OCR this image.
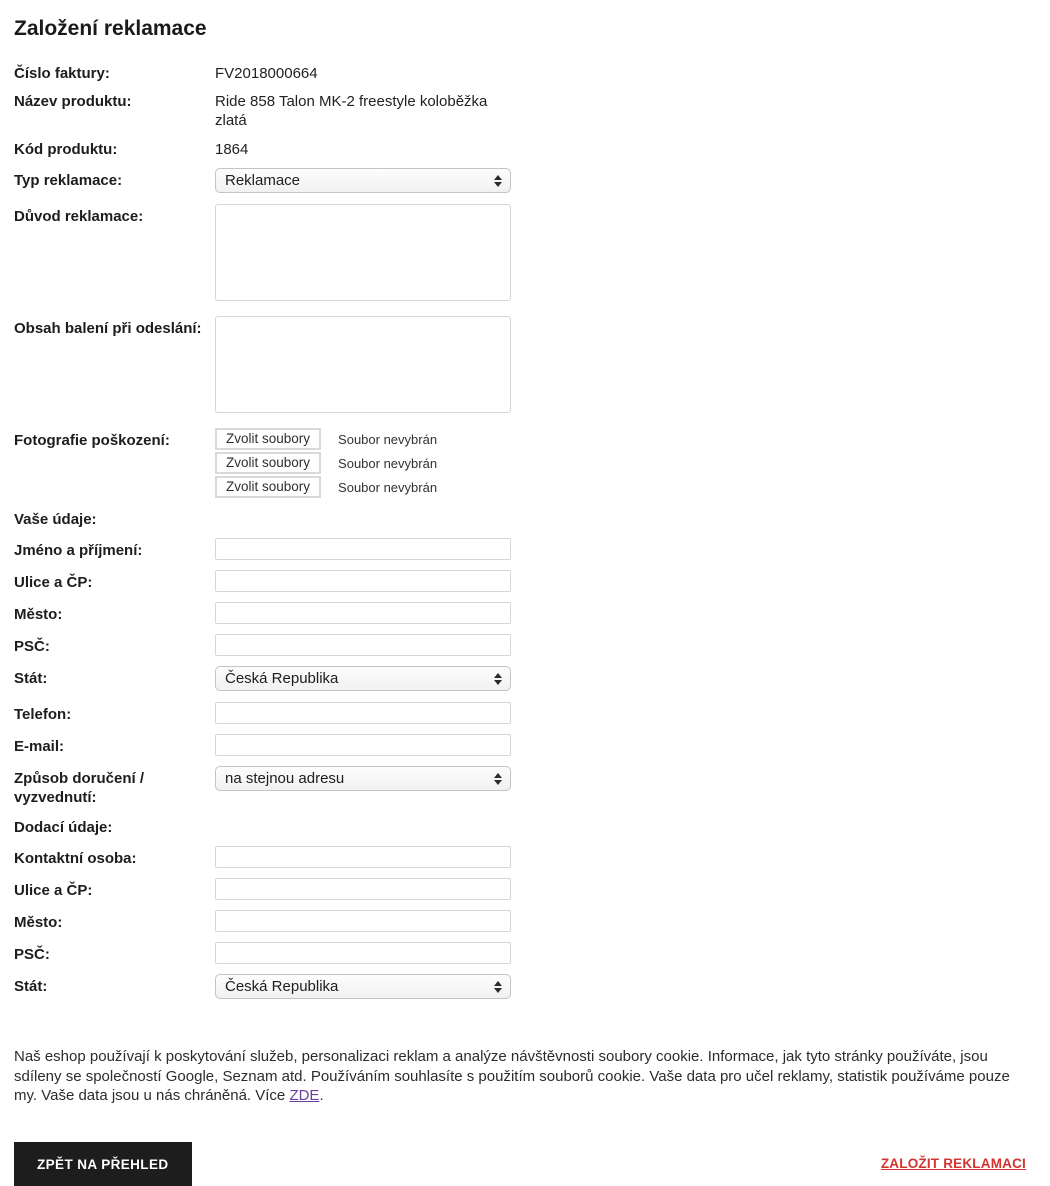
Založení reklamace
Číslo faktury:	FV2018000664
Název produktu:	Ride 858 Talon MK-2 freestyle koloběžka zlatá
Kód produktu:	1864
Typ reklamace:	Reklamace
Důvod reklamace:
Obsah balení při odeslání:
Fotografie poškození:	Zvolit soubory	Soubor nevybrán
Zvolit soubory	Soubor nevybrán
Zvolit soubory	Soubor nevybrán
Vaše údaje:
Jméno a příjmení:
Ulice a ČP:
Město:
PSČ:
Stát:	Česká Republika
Telefon:
E-mail:
Způsob doručení / vyzvednutí:
na stejnou adresu
Dodací údaje:
Kontaktní osoba:
Ulice a ČP:
Město:
PSČ:
Stát:	Česká Republika

Naš eshop používají k poskytování služeb, personalizaci reklam a analýze návštěvnosti soubory cookie. Informace, jak tyto stránky používáte, jsou sdíleny se společností Google, Seznam atd. Používáním souhlasíte s použitím souborů cookie. Vaše data pro učel reklamy, statistik používáme pouze my. Vaše data jsou u nás chráněná. Více ZDE.

ZPĚT NA PŘEHLED	ZALOŽIT REKLAMACI
